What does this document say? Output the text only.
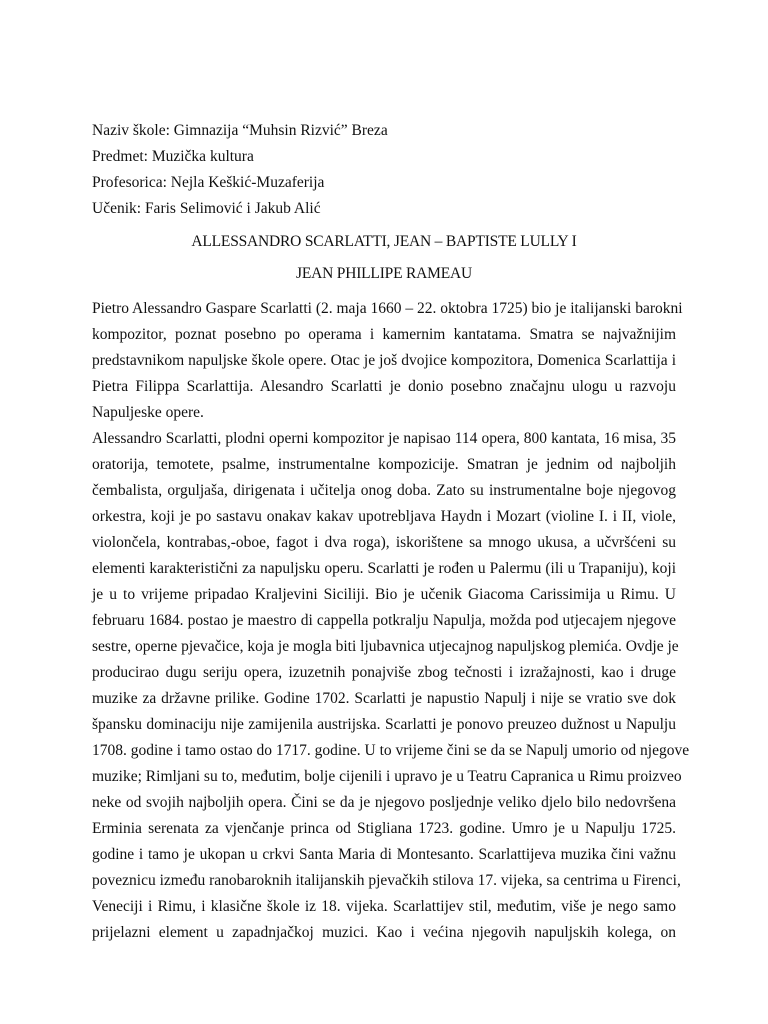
Naziv škole: Gimnazija “Muhsin Rizvić” Breza
Predmet: Muzička kultura
Profesorica: Nejla Keškić-Muzaferija
Učenik: Faris Selimović i Jakub Alić
ALLESSANDRO SCARLATTI, JEAN – BAPTISTE LULLY I
JEAN PHILLIPE RAMEAU
Pietro Alessandro Gaspare Scarlatti (2. maja 1660 – 22. oktobra 1725) bio je italijanski barokni
kompozitor, poznat posebno po operama i kamernim kantatama. Smatra se najvažnijim
predstavnikom napuljske škole opere. Otac je još dvojice kompozitora, Domenica Scarlattija i
Pietra Filippa Scarlattija. Alesandro Scarlatti je donio posebno značajnu ulogu u razvoju
Napuljeske opere.
Alessandro Scarlatti, plodni operni kompozitor je napisao 114 opera, 800 kantata, 16 misa, 35
oratorija, temotete, psalme, instrumentalne kompozicije. Smatran je jednim od najboljih
čembalista, orguljaša, dirigenata i učitelja onog doba. Zato su instrumentalne boje njegovog
orkestra, koji je po sastavu onakav kakav upotrebljava Haydn i Mozart (violine I. i II, viole,
violončela, kontrabas,-oboe, fagot i dva roga), iskorištene sa mnogo ukusa, a učvršćeni su
elementi karakteristični za napuljsku operu. Scarlatti je rođen u Palermu (ili u Trapaniju), koji
je u to vrijeme pripadao Kraljevini Siciliji. Bio je učenik Giacoma Carissimija u Rimu. U
februaru 1684. postao je maestro di cappella potkralju Napulja, možda pod utjecajem njegove
sestre, operne pjevačice, koja je mogla biti ljubavnica utjecajnog napuljskog plemića. Ovdje je
producirao dugu seriju opera, izuzetnih ponajviše zbog tečnosti i izražajnosti, kao i druge
muzike za državne prilike. Godine 1702. Scarlatti je napustio Napulj i nije se vratio sve dok
špansku dominaciju nije zamijenila austrijska. Scarlatti je ponovo preuzeo dužnost u Napulju
1708. godine i tamo ostao do 1717. godine. U to vrijeme čini se da se Napulj umorio od njegove
muzike; Rimljani su to, međutim, bolje cijenili i upravo je u Teatru Capranica u Rimu proizveo
neke od svojih najboljih opera. Čini se da je njegovo posljednje veliko djelo bilo nedovršena
Erminia serenata za vjenčanje princa od Stigliana 1723. godine. Umro je u Napulju 1725.
godine i tamo je ukopan u crkvi Santa Maria di Montesanto. Scarlattijeva muzika čini važnu
poveznicu između ranobaroknih italijanskih pjevačkih stilova 17. vijeka, sa centrima u Firenci,
Veneciji i Rimu, i klasične škole iz 18. vijeka. Scarlattijev stil, međutim, više je nego samo
prijelazni element u zapadnjačkoj muzici. Kao i većina njegovih napuljskih kolega, on
